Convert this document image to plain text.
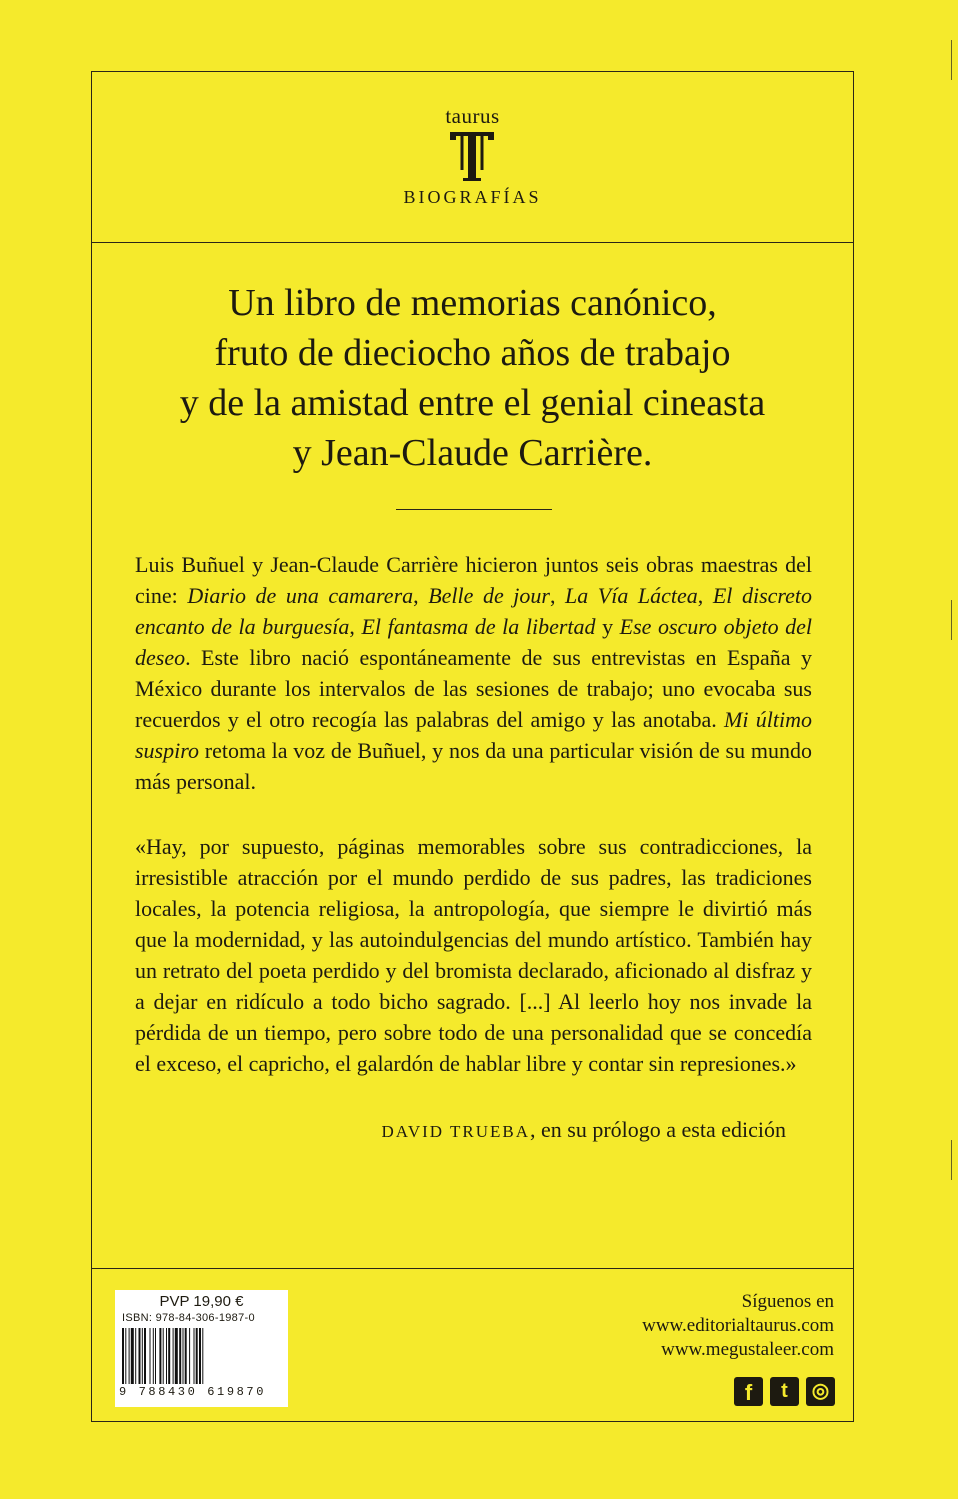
taurus
BIOGRAFÍAS
Un libro de memorias canónico,
fruto de dieciocho años de trabajo
y de la amistad entre el genial cineasta
y Jean-Claude Carrière.
Luis Buñuel y Jean-Claude Carrière hicieron juntos seis obras maestras del cine: Diario de una camarera, Belle de jour, La Vía Láctea, El discreto encanto de la burguesía, El fantasma de la libertad y Ese oscuro objeto del deseo. Este libro nació espontáneamente de sus entrevistas en España y México durante los intervalos de las sesiones de trabajo; uno evocaba sus recuerdos y el otro recogía las palabras del amigo y las anotaba. Mi último suspiro retoma la voz de Buñuel, y nos da una particular visión de su mundo más personal.
«Hay, por supuesto, páginas memorables sobre sus contradicciones, la irresistible atracción por el mundo perdido de sus padres, las tradiciones locales, la potencia religiosa, la antropología, que siempre le divirtió más que la modernidad, y las autoindulgencias del mundo artístico. También hay un retrato del poeta perdido y del bromista declarado, aficionado al disfraz y a dejar en ridículo a todo bicho sagrado. [...] Al leerlo hoy nos invade la pérdida de un tiempo, pero sobre todo de una personalidad que se concedía el exceso, el capricho, el galardón de hablar libre y contar sin represiones.»
DAVID TRUEBA, en su prólogo a esta edición
PVP 19,90 €
ISBN: 978-84-306-1987-0
9 788430 619870
Síguenos en
www.editorialtaurus.com
www.megustaleer.com
f	t	◎
